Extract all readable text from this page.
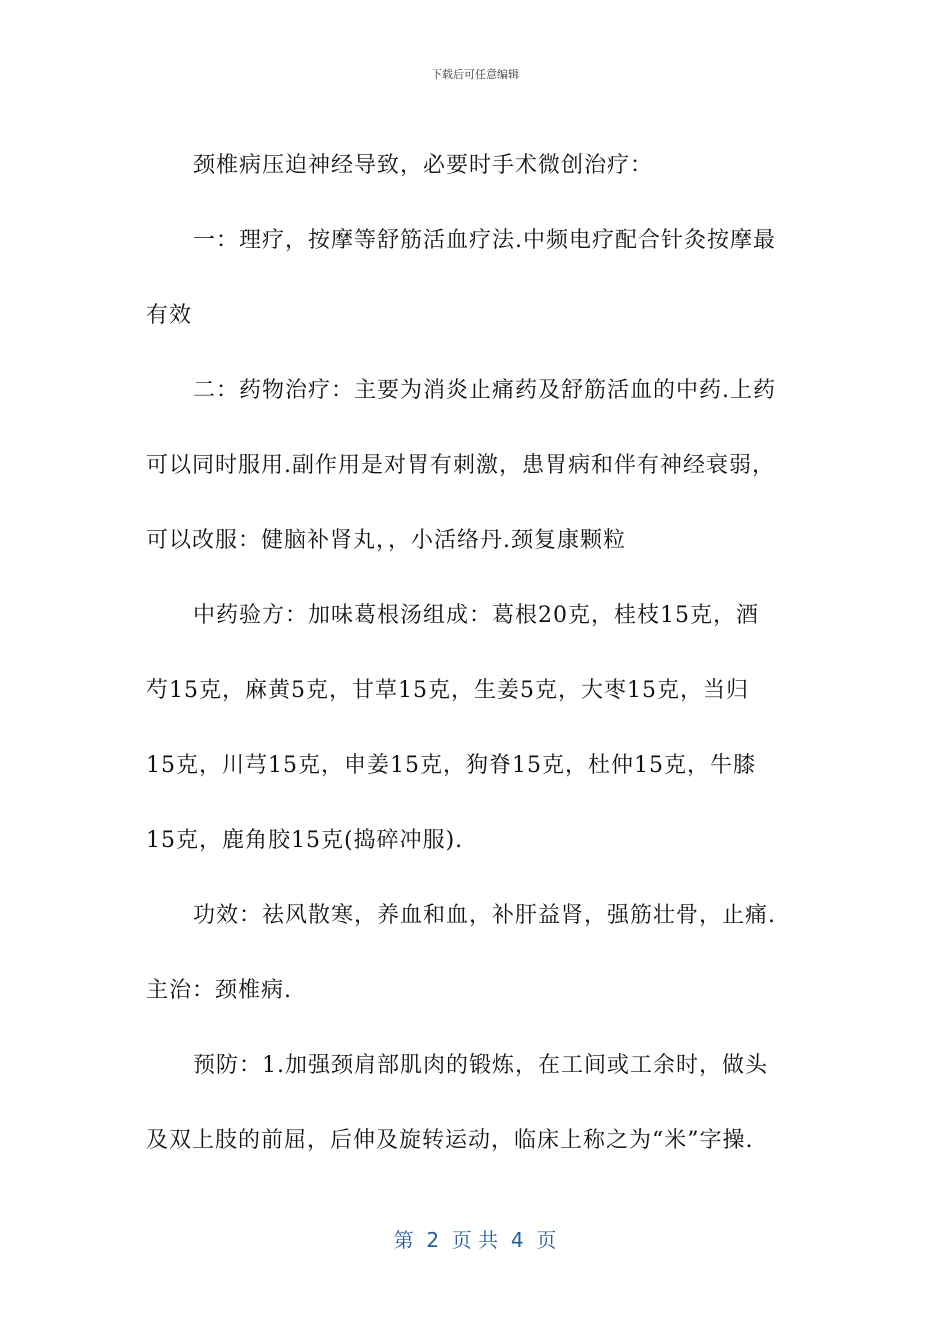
下载后可任意编辑
颈椎病压迫神经导致，必要时手术微创治疗：
一：理疗，按摩等舒筋活血疗法.中频电疗配合针灸按摩最
有效
二：药物治疗：主要为消炎止痛药及舒筋活血的中药.上药
可以同时服用.副作用是对胃有刺激，患胃病和伴有神经衰弱，
可以改服：健脑补肾丸，，小活络丹.颈复康颗粒
中药验方：加味葛根汤组成：葛根20克，桂枝15克，酒
芍15克，麻黄5克，甘草15克，生姜5克，大枣15克，当归
15克，川芎15克，申姜15克，狗脊15克，杜仲15克，牛膝
15克，鹿角胶15克(捣碎冲服).
功效：祛风散寒，养血和血，补肝益肾，强筋壮骨，止痛.
主治：颈椎病.
预防：1.加强颈肩部肌肉的锻炼，在工间或工余时，做头
及双上肢的前屈，后伸及旋转运动，临床上称之为“米”字操.
第  2  页 共  4  页
